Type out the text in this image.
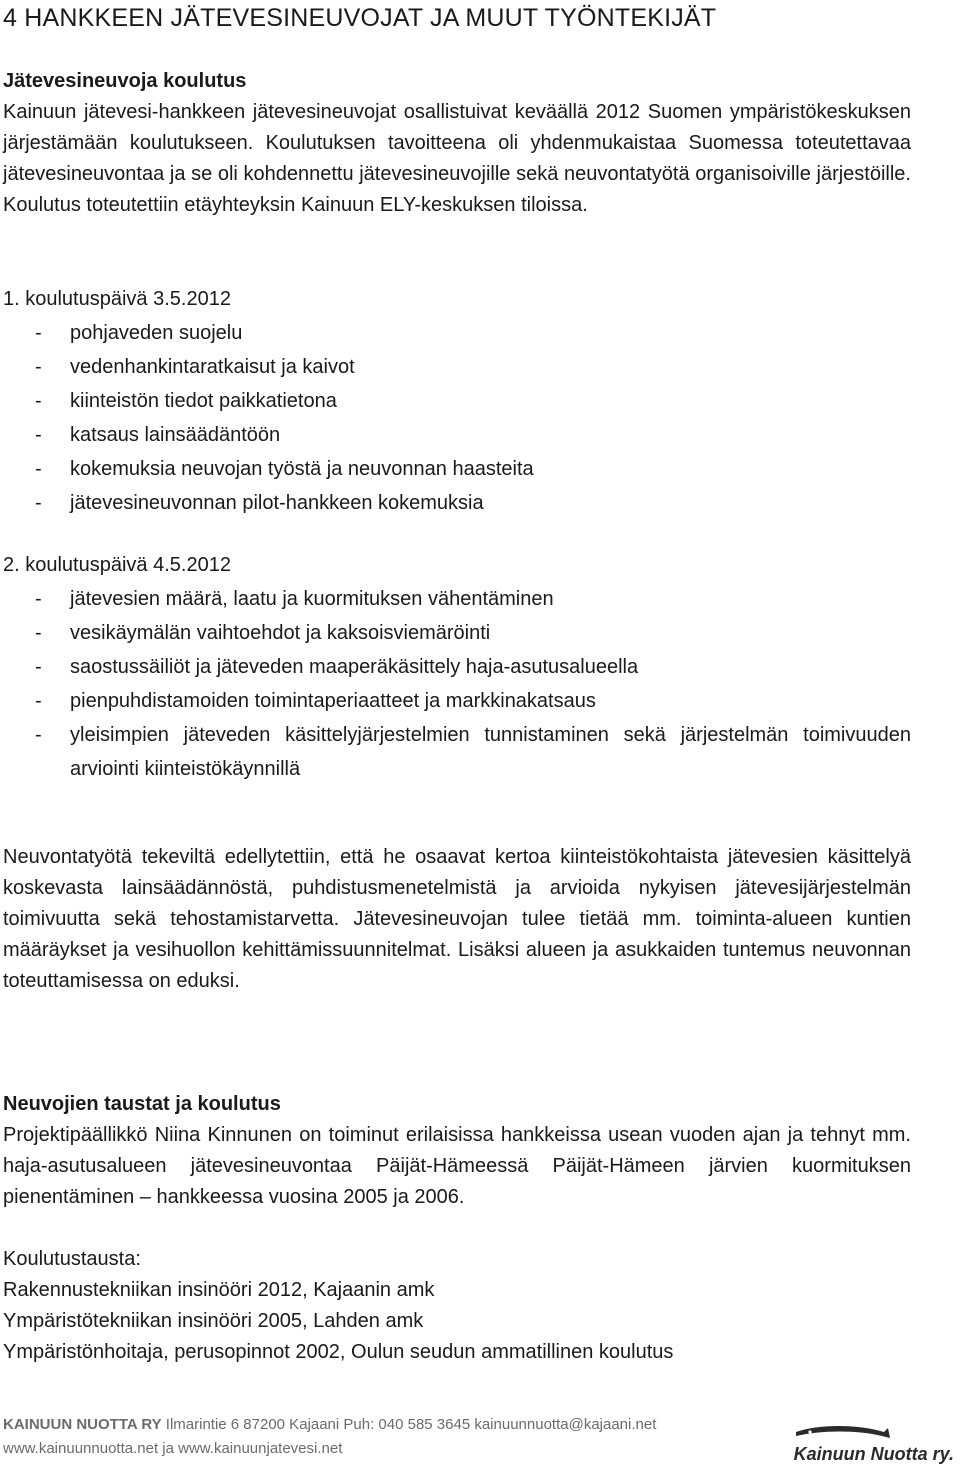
4 HANKKEEN JÄTEVESINEUVOJAT JA MUUT TYÖNTEKIJÄT

Jätevesineuvoja koulutus

Kainuun jätevesi-hankkeen jätevesineuvojat osallistuivat keväällä 2012 Suomen ympäristökeskuksen järjestämään koulutukseen. Koulutuksen tavoitteena oli yhdenmukaistaa Suomessa toteutettavaa jätevesineuvontaa ja se oli kohdennettu jätevesineuvojille sekä neuvontatyötä organisoiville järjestöille. Koulutus toteutettiin etäyhteyksin Kainuun ELY-keskuksen tiloissa.

1. koulutuspäivä 3.5.2012

- pohjaveden suojelu
- vedenhankintaratkaisut ja kaivot
- kiinteistön tiedot paikkatietona
- katsaus lainsäädäntöön
- kokemuksia neuvojan työstä ja neuvonnan haasteita
- jätevesineuvonnan pilot-hankkeen kokemuksia

2. koulutuspäivä 4.5.2012

- jätevesien määrä, laatu ja kuormituksen vähentäminen
- vesikäymälän vaihtoehdot ja kaksoisviemäröinti
- saostussäiliöt ja jäteveden maaperäkäsittely haja-asutusalueella
- pienpuhdistamoiden toimintaperiaatteet ja markkinakatsaus
- yleisimpien jäteveden käsittelyjärjestelmien tunnistaminen sekä järjestelmän toimivuuden arviointi kiinteistökäynnillä

Neuvontatyötä tekeviltä edellytettiin, että he osaavat kertoa kiinteistökohtaista jätevesien käsittelyä koskevasta lainsäädännöstä, puhdistusmenetelmistä ja arvioida nykyisen jätevesijärjestelmän toimivuutta sekä tehostamistarvetta. Jätevesineuvojan tulee tietää mm. toiminta-alueen kuntien määräykset ja vesihuollon kehittämissuunnitelmat. Lisäksi alueen ja asukkaiden tuntemus neuvonnan toteuttamisessa on eduksi.

Neuvojien taustat ja koulutus

Projektipäällikkö Niina Kinnunen on toiminut erilaisissa hankkeissa usean vuoden ajan ja tehnyt mm. haja-asutusalueen jätevesineuvontaa Päijät-Hämeessä Päijät-Hämeen järvien kuormituksen pienentäminen – hankkeessa vuosina 2005 ja 2006.

Koulutustausta:

Rakennustekniikan insinööri 2012, Kajaanin amk

Ympäristötekniikan insinööri 2005, Lahden amk

Ympäristönhoitaja, perusopinnot 2002, Oulun seudun ammatillinen koulutus

KAINUUN NUOTTA RY Ilmarintie 6 87200 Kajaani Puh: 040 585 3645 kainuunnuotta@kajaani.net
www.kainuunnuotta.net ja www.kainuunjatevesi.net	Kainuun Nuotta ry.
